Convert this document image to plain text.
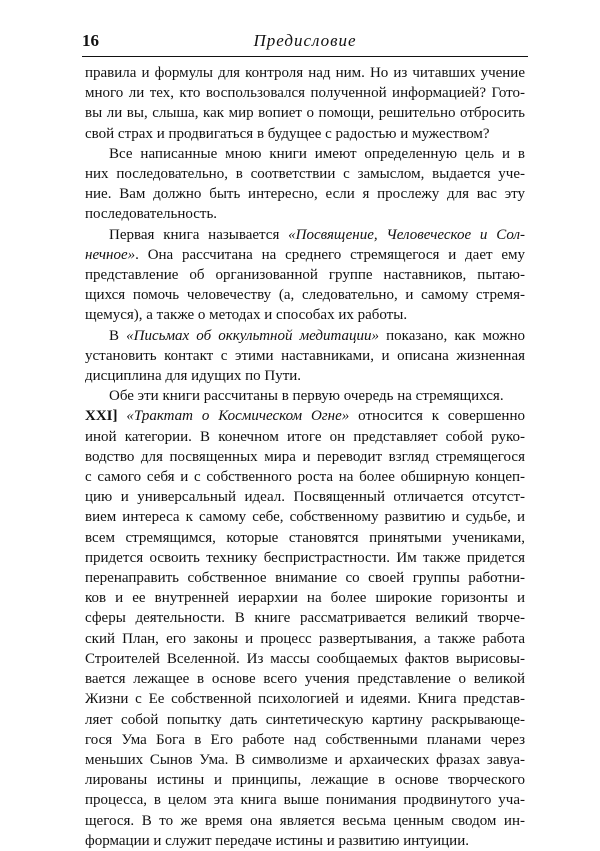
16	Предисловие
правила и формулы для контроля над ним. Но из читавших учение
много ли тех, кто воспользовался полученной информацией? Гото-
вы ли вы, слыша, как мир вопиет о помощи, решительно отбросить
свой страх и продвигаться в будущее с радостью и мужеством?
Все написанные мною книги имеют определенную цель и в
них последовательно, в соответствии с замыслом, выдается уче-
ние. Вам должно быть интересно, если я прослежу для вас эту
последовательность.
Первая книга называется «Посвящение, Человеческое и Сол-
нечное». Она рассчитана на среднего стремящегося и дает ему
представление об организованной группе наставников, пытаю-
щихся помочь человечеству (а, следовательно, и самому стремя-
щемуся), а также о методах и способах их работы.
В «Письмах об оккультной медитации» показано, как можно
установить контакт с этими наставниками, и описана жизненная
дисциплина для идущих по Пути.
Обе эти книги рассчитаны в первую очередь на стремящихся.
XXI] «Трактат о Космическом Огне» относится к совершенно
иной категории. В конечном итоге он представляет собой руко-
водство для посвященных мира и переводит взгляд стремящегося
с самого себя и с собственного роста на более обширную концеп-
цию и универсальный идеал. Посвященный отличается отсутст-
вием интереса к самому себе, собственному развитию и судьбе, и
всем стремящимся, которые становятся принятыми учениками,
придется освоить технику беспристрастности. Им также придется
перенаправить собственное внимание со своей группы работни-
ков и ее внутренней иерархии на более широкие горизонты и
сферы деятельности. В книге рассматривается великий творче-
ский План, его законы и процесс развертывания, а также работа
Строителей Вселенной. Из массы сообщаемых фактов вырисовы-
вается лежащее в основе всего учения представление о великой
Жизни с Ее собственной психологией и идеями. Книга представ-
ляет собой попытку дать синтетическую картину раскрывающе-
гося Ума Бога в Его работе над собственными планами через
меньших Сынов Ума. В символизме и архаических фразах завуа-
лированы истины и принципы, лежащие в основе творческого
процесса, в целом эта книга выше понимания продвинутого уча-
щегося. В то же время она является весьма ценным сводом ин-
формации и служит передаче истины и развитию интуиции.
